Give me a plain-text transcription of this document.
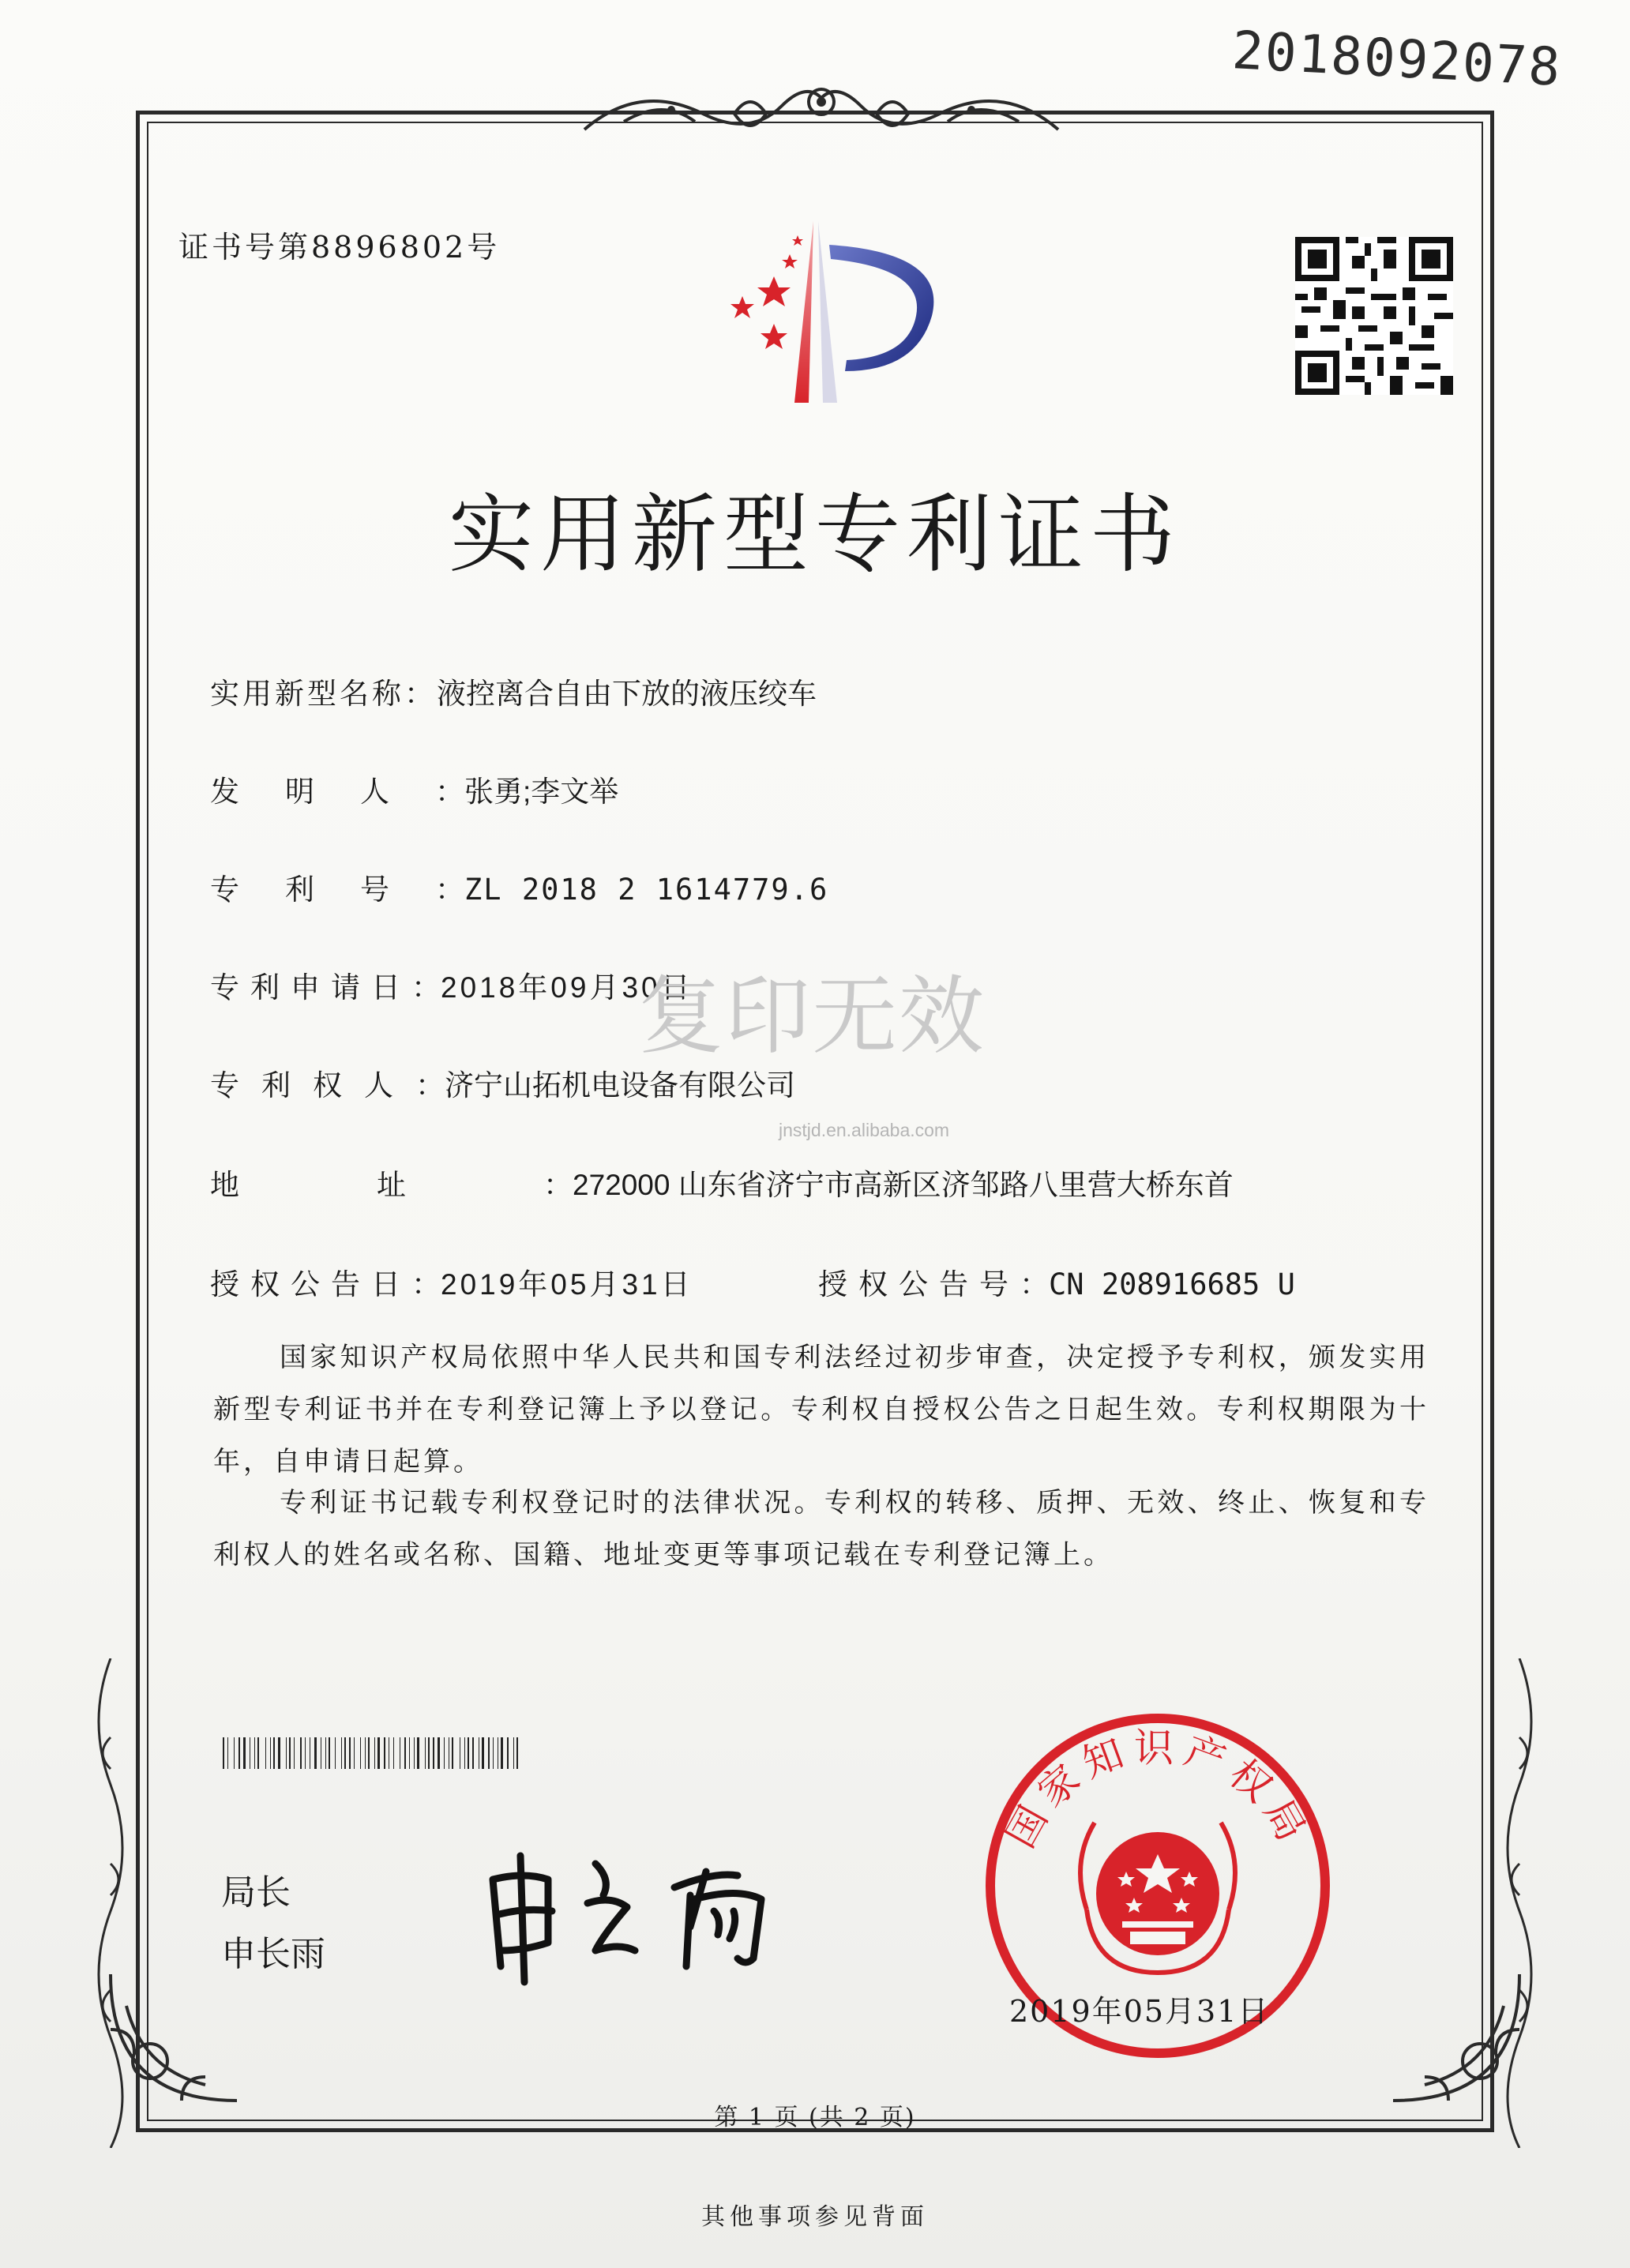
2018092078
证书号第8896802号
实用新型专利证书
实用新型名称：液控离合自由下放的液压绞车
发明人：张勇;李文举
专利号：ZL 2018 2 1614779.6
专利申请日：2018年09月30日
专利权人：济宁山拓机电设备有限公司
地址：272000 山东省济宁市高新区济邹路八里营大桥东首
授权公告日：2019年05月31日	授权公告号：CN 208916685 U
复印无效
jnstjd.en.alibaba.com
国家知识产权局依照中华人民共和国专利法经过初步审查，决定授予专利权，颁发实用新型专利证书并在专利登记簿上予以登记。专利权自授权公告之日起生效。专利权期限为十年，自申请日起算。
专利证书记载专利权登记时的法律状况。专利权的转移、质押、无效、终止、恢复和专利权人的姓名或名称、国籍、地址变更等事项记载在专利登记簿上。
局长
申长雨
国家知识产权局
2019年05月31日
第 1 页 (共 2 页)
其他事项参见背面
